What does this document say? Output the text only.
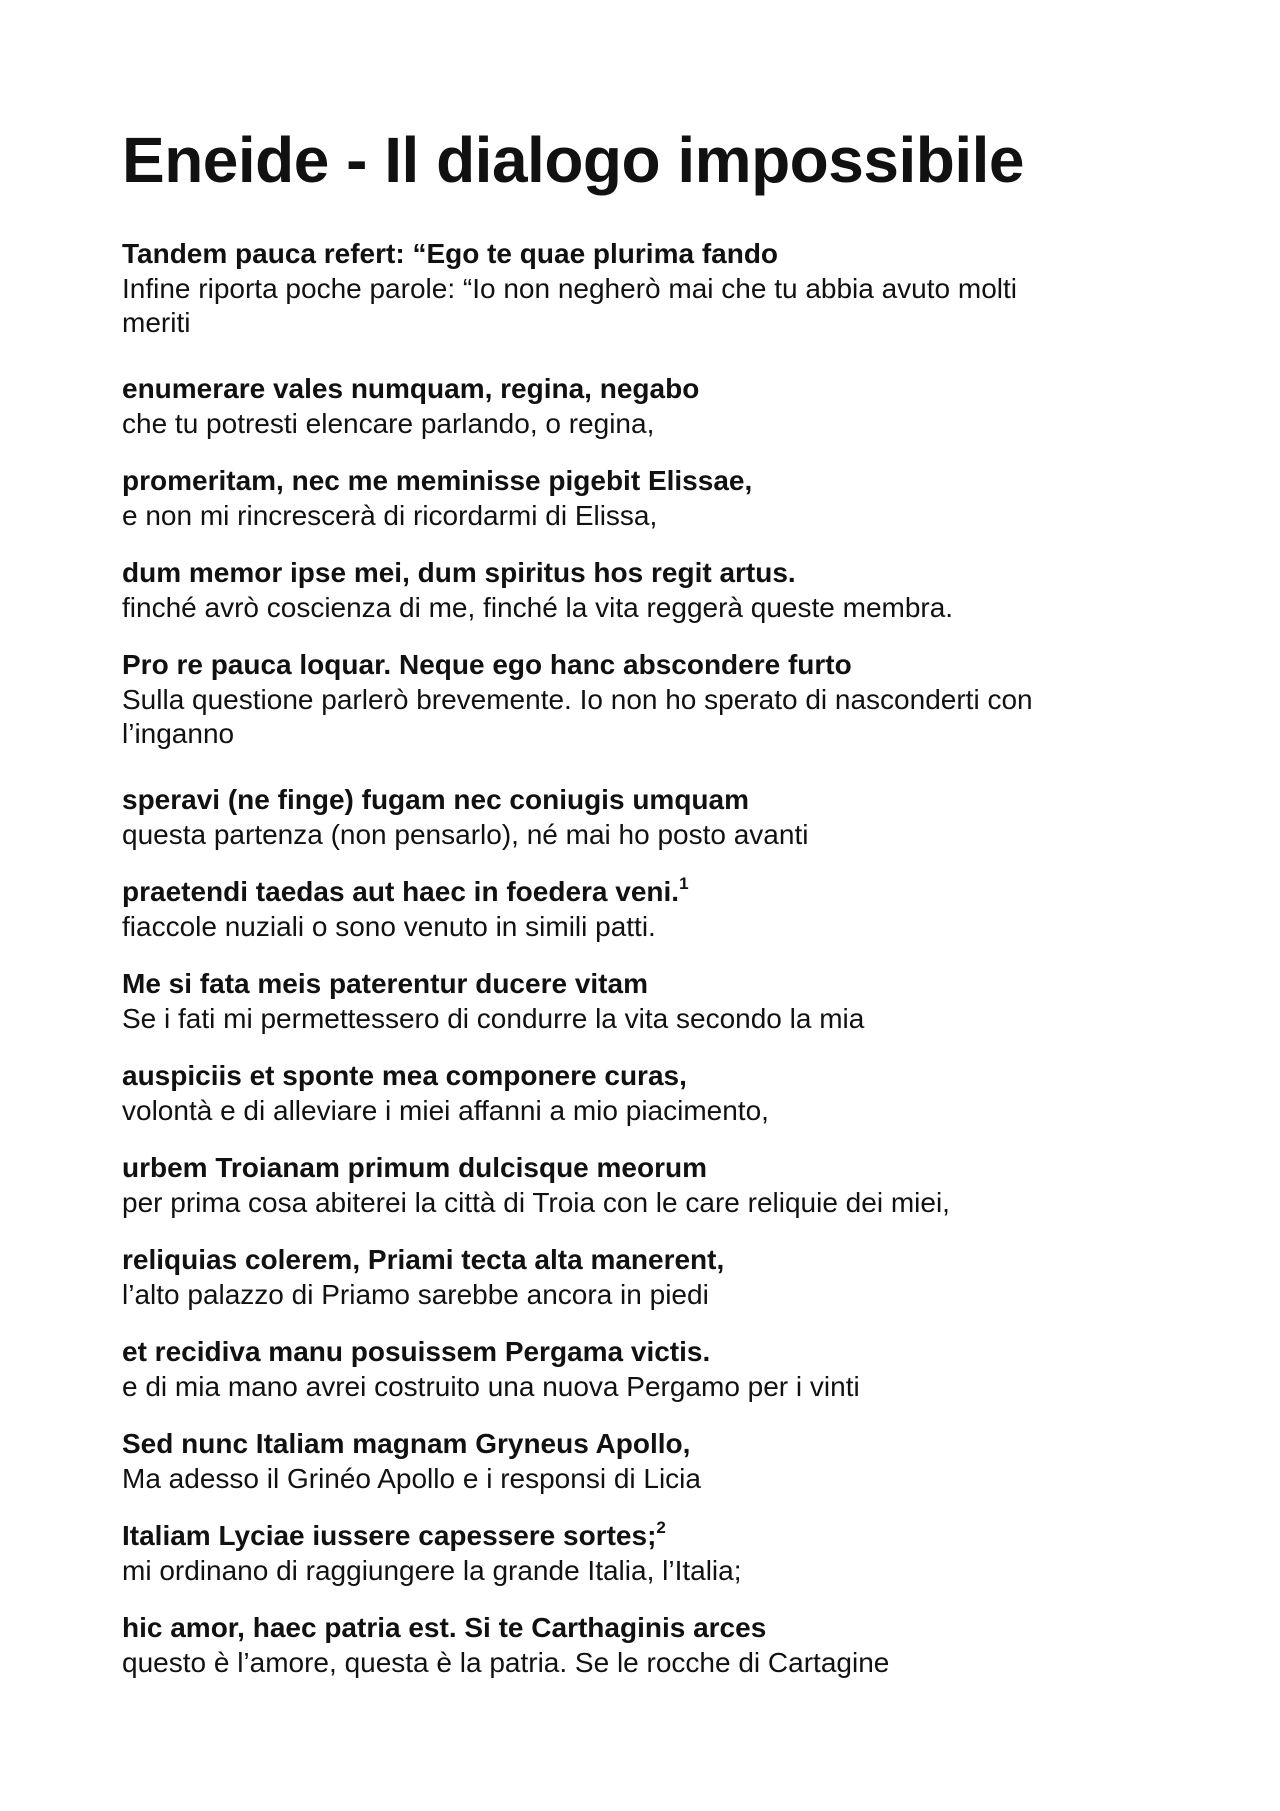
Eneide - Il dialogo impossibile
Tandem pauca refert: “Ego te quae plurima fando
Infine riporta poche parole: “Io non negherò mai che tu abbia avuto molti
meriti
enumerare vales numquam, regina, negabo
che tu potresti elencare parlando, o regina,
promeritam, nec me meminisse pigebit Elissae,
e non mi rincrescerà di ricordarmi di Elissa,
dum memor ipse mei, dum spiritus hos regit artus.
finché avrò coscienza di me, finché la vita reggerà queste membra.
Pro re pauca loquar. Neque ego hanc abscondere furto
Sulla questione parlerò brevemente. Io non ho sperato di nasconderti con
l’inganno
speravi (ne finge) fugam nec coniugis umquam
questa partenza (non pensarlo), né mai ho posto avanti
praetendi taedas aut haec in foedera veni.$^1$
fiaccole nuziali o sono venuto in simili patti.
Me si fata meis paterentur ducere vitam
Se i fati mi permettessero di condurre la vita secondo la mia
auspiciis et sponte mea componere curas,
volontà e di alleviare i miei affanni a mio piacimento,
urbem Troianam primum dulcisque meorum
per prima cosa abiterei la città di Troia con le care reliquie dei miei,
reliquias colerem, Priami tecta alta manerent,
l’alto palazzo di Priamo sarebbe ancora in piedi
et recidiva manu posuissem Pergama victis.
e di mia mano avrei costruito una nuova Pergamo per i vinti
Sed nunc Italiam magnam Gryneus Apollo,
Ma adesso il Grinéo Apollo e i responsi di Licia
Italiam Lyciae iussere capessere sortes;$^2$
mi ordinano di raggiungere la grande Italia, l’Italia;
hic amor, haec patria est. Si te Carthaginis arces
questo è l’amore, questa è la patria. Se le rocche di Cartagine
